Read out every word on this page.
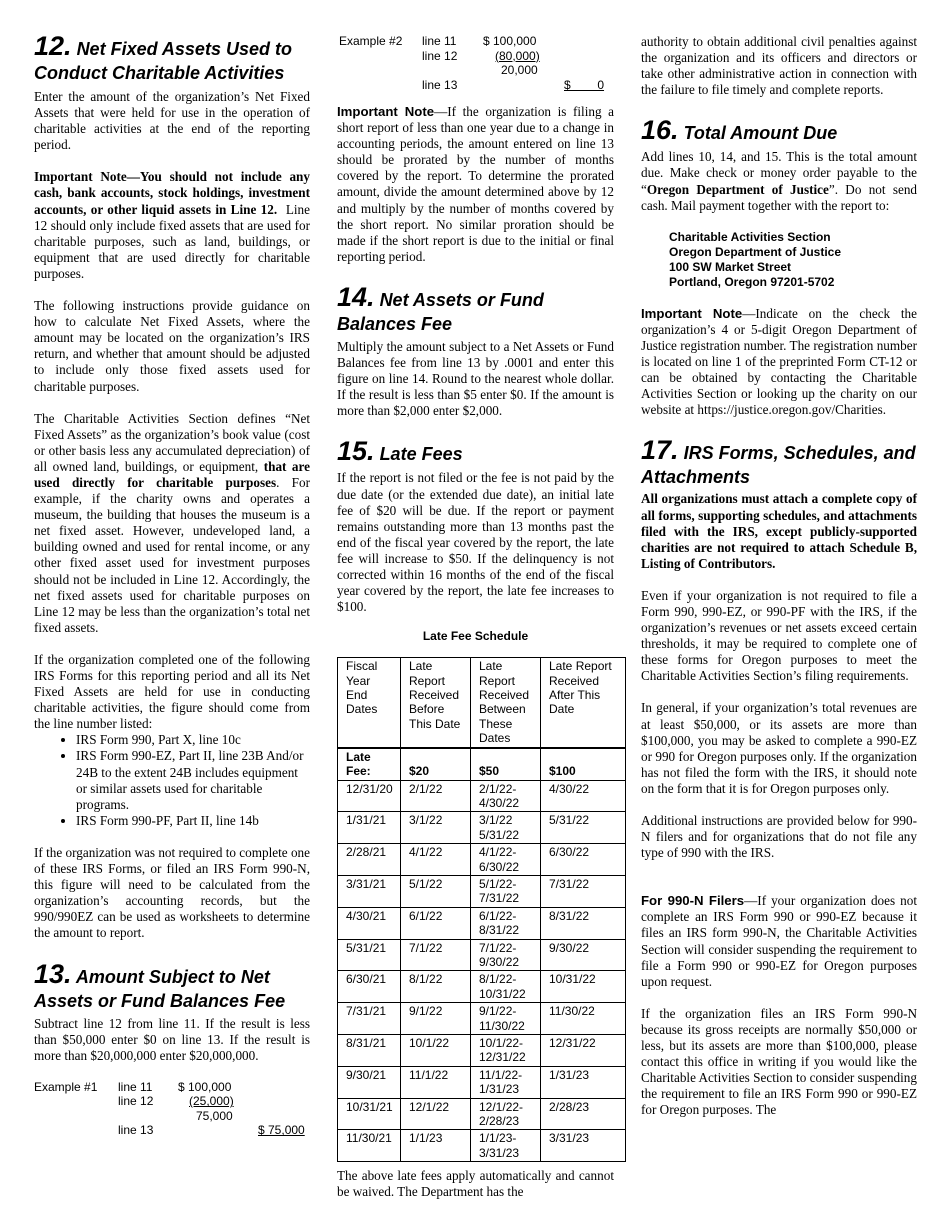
12. Net Fixed Assets Used to Conduct Charitable Activities

Enter the amount of the organization’s Net Fixed Assets that were held for use in the operation of charitable activities at the end of the reporting period.

Important Note—You should not include any cash, bank accounts, stock holdings, investment accounts, or other liquid assets in Line 12. Line 12 should only include fixed assets that are used for charitable purposes, such as land, buildings, or equipment that are used directly for charitable purposes.

The following instructions provide guidance on how to calculate Net Fixed Assets, where the amount may be located on the organization’s IRS return, and whether that amount should be adjusted to include only those fixed assets used for charitable purposes.

The Charitable Activities Section defines “Net Fixed Assets” as the organization’s book value (cost or other basis less any accumulated depreciation) of all owned land, buildings, or equipment, that are used directly for charitable purposes. For example, if the charity owns and operates a museum, the building that houses the museum is a net fixed asset. However, undeveloped land, a building owned and used for rental income, or any other fixed asset used for investment purposes should not be included in Line 12. Accordingly, the net fixed assets used for charitable purposes on Line 12 may be less than the organization’s total net fixed assets.

If the organization completed one of the following IRS Forms for this reporting period and all its Net Fixed Assets are held for use in conducting charitable activities, the figure should come from the line number listed:

• IRS Form 990, Part X, line 10c
• IRS Form 990-EZ, Part II, line 23B And/or 24B to the extent 24B includes equipment or similar assets used for charitable programs.
• IRS Form 990-PF, Part II, line 14b

If the organization was not required to complete one of these IRS Forms, or filed an IRS Form 990-N, this figure will need to be calculated from the organization’s accounting records, but the 990/990EZ can be used as worksheets to determine the amount to report.

13. Amount Subject to Net Assets or Fund Balances Fee

Subtract line 12 from line 11. If the result is less than $50,000 enter $0 on line 13. If the result is more than $20,000,000 enter $20,000,000.

Example #1 line 11 $ 100,000
line 12	(25,000)
75,000
line 13	$ 75,000
Example #2 line 11 $ 100,000
line 12	(80,000)
20,000
line 13	$        0

Important Note—If the organization is filing a short report of less than one year due to a change in accounting periods, the amount entered on line 13 should be prorated by the number of months covered by the report. To determine the prorated amount, divide the amount determined above by 12 and multiply by the number of months covered by the short report. No similar proration should be made if the short report is due to the initial or final reporting period.

14. Net Assets or Fund Balances Fee

Multiply the amount subject to a Net Assets or Fund Balances fee from line 13 by .0001 and enter this figure on line 14. Round to the nearest whole dollar. If the result is less than $5 enter $0. If the amount is more than $2,000 enter $2,000.

15. Late Fees

If the report is not filed or the fee is not paid by the due date (or the extended due date), an initial late fee of $20 will be due. If the report or payment remains outstanding more than 13 months past the end of the fiscal year covered by the report, the late fee will increase to $50. If the delinquency is not corrected within 16 months of the end of the fiscal year covered by the report, the late fee increases to $100.

Late Fee Schedule
Fiscal Year End Dates	Late Report Received Before This Date	Late Report Received Between These Dates	Late Report Received After This Date
Late Fee:	$20	$50	$100
12/31/20	2/1/22	2/1/22-4/30/22	4/30/22
1/31/21	3/1/22	3/1/22 5/31/22	5/31/22
2/28/21	4/1/22	4/1/22-6/30/22	6/30/22
3/31/21	5/1/22	5/1/22-7/31/22	7/31/22
4/30/21	6/1/22	6/1/22-8/31/22	8/31/22
5/31/21	7/1/22	7/1/22-9/30/22	9/30/22
6/30/21	8/1/22	8/1/22-10/31/22	10/31/22
7/31/21	9/1/22	9/1/22-11/30/22	11/30/22
8/31/21	10/1/22	10/1/22-12/31/22	12/31/22
9/30/21	11/1/22	11/1/22-1/31/23	1/31/23
10/31/21	12/1/22	12/1/22-2/28/23	2/28/23
11/30/21	1/1/23	1/1/23-3/31/23	3/31/23

authority to obtain additional civil penalties against the organization and its officers and directors or take other administrative action in connection with the failure to file timely and complete reports.

16. Total Amount Due

Add lines 10, 14, and 15. This is the total amount due. Make check or money order payable to the “Oregon Department of Justice”. Do not send cash. Mail payment together with the report to:

Charitable Activities Section
Oregon Department of Justice
100 SW Market Street
Portland, Oregon 97201-5702

Important Note—Indicate on the check the organization’s 4 or 5-digit Oregon Department of Justice registration number. The registration number is located on line 1 of the preprinted Form CT-12 or can be obtained by contacting the Charitable Activities Section or looking up the charity on our website at https://justice.oregon.gov/Charities.

17. IRS Forms, Schedules, and Attachments

All organizations must attach a complete copy of all forms, supporting schedules, and attachments filed with the IRS, except publicly-supported charities are not required to attach Schedule B, Listing of Contributors.

Even if your organization is not required to file a Form 990, 990-EZ, or 990-PF with the IRS, if the organization’s revenues or net assets exceed certain thresholds, it may be required to complete one of these forms for Oregon purposes to meet the Charitable Activities Section’s filing requirements.

In general, if your organization’s total revenues are at least $50,000, or its assets are more than $100,000, you may be asked to complete a 990-EZ or 990 for Oregon purposes only. If the organization has not filed the form with the IRS, it should note on the form that it is for Oregon purposes only.

Additional instructions are provided below for 990-N filers and for organizations that do not file any type of 990 with the IRS.

For 990-N Filers—If your organization does not complete an IRS Form 990 or 990-EZ because it files an IRS form 990-N, the Charitable Activities Section will consider suspending the requirement to file a Form 990 or 990-EZ for Oregon purposes upon request.

If the organization files an IRS Form 990-N because its gross receipts are normally $50,000 or less, but its assets are more than $100,000, please contact this office in writing if you would like the Charitable Activities Section to consider suspending the requirement to file an IRS Form 990 or 990-EZ for Oregon purposes. The

The above late fees apply automatically and cannot be waived. The Department has the
